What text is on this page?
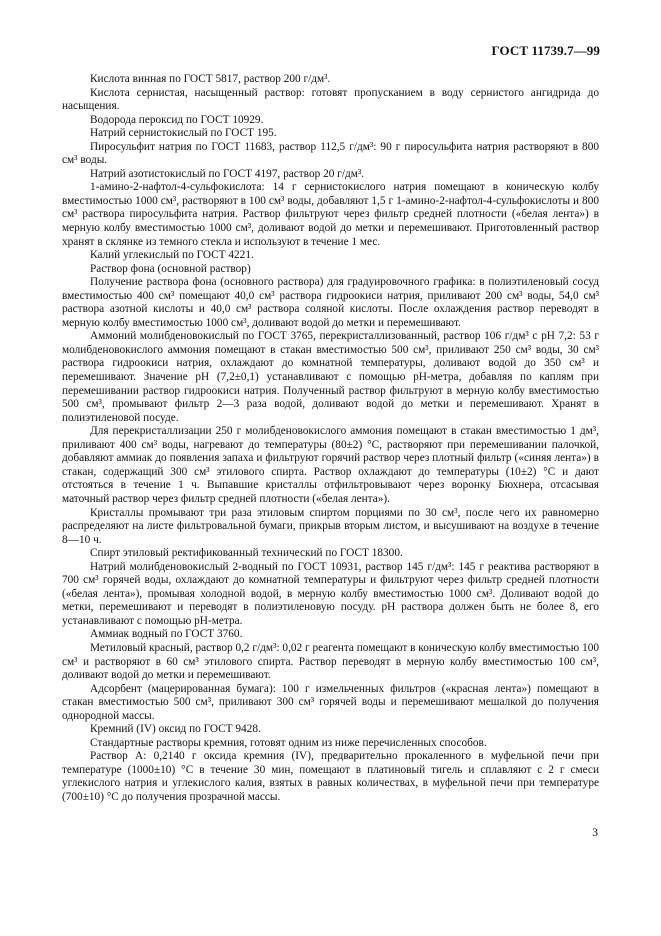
ГОСТ 11739.7—99

Кислота винная по ГОСТ 5817, раствор 200 г/дм³.

Кислота сернистая, насыщенный раствор: готовят пропусканием в воду сернистого ангидрида до насыщения.

Водорода пероксид по ГОСТ 10929.

Натрий сернистокислый по ГОСТ 195.

Пиросульфит натрия по ГОСТ 11683, раствор 112,5 г/дм³: 90 г пиросульфита натрия растворяют в 800 см³ воды.

Натрий азотистокислый по ГОСТ 4197, раствор 20 г/дм³.

1-амино-2-нафтол-4-сульфокислота: 14 г сернистокислого натрия помещают в коническую колбу вместимостью 1000 см³, растворяют в 100 см³ воды, добавляют 1,5 г 1-амино-2-нафтол-4-сульфокислоты и 800 см³ раствора пиросульфита натрия. Раствор фильтруют через фильтр средней плотности («белая лента») в мерную колбу вместимостью 1000 см³, доливают водой до метки и перемешивают. Приготовленный раствор хранят в склянке из темного стекла и используют в течение 1 мес.

Калий углекислый по ГОСТ 4221.

Раствор фона (основной раствор)

Получение раствора фона (основного раствора) для градуировочного графика: в полиэтиленовый сосуд вместимостью 400 см³ помещают 40,0 см³ раствора гидроокиси натрия, приливают 200 см³ воды, 54,0 см³ раствора азотной кислоты и 40,0 см³ раствора соляной кислоты. После охлаждения раствор переводят в мерную колбу вместимостью 1000 см³, доливают водой до метки и перемешивают.

Аммоний молибденовокислый по ГОСТ 3765, перекристаллизованный, раствор 106 г/дм³ с pH 7,2: 53 г молибденовокислого аммония помещают в стакан вместимостью 500 см³, приливают 250 см³ воды, 30 см³ раствора гидроокиси натрия, охлаждают до комнатной температуры, доливают водой до 350 см³ и перемешивают. Значение pH (7,2±0,1) устанавливают с помощью pH-метра, добавляя по каплям при перемешивании раствор гидроокиси натрия. Полученный раствор фильтруют в мерную колбу вместимостью 500 см³, промывают фильтр 2—3 раза водой, доливают водой до метки и перемешивают. Хранят в полиэтиленовой посуде.

Для перекристаллизации 250 г молибденовокислого аммония помещают в стакан вместимостью 1 дм³, приливают 400 см³ воды, нагревают до температуры (80±2) °C, растворяют при перемешивании палочкой, добавляют аммиак до появления запаха и фильтруют горячий раствор через плотный фильтр («синяя лента») в стакан, содержащий 300 см³ этилового спирта. Раствор охлаждают до температуры (10±2) °C и дают отстояться в течение 1 ч. Выпавшие кристаллы отфильтровывают через воронку Бюхнера, отсасывая маточный раствор через фильтр средней плотности («белая лента»).

Кристаллы промывают три раза этиловым спиртом порциями по 30 см³, после чего их равномерно распределяют на листе фильтровальной бумаги, прикрыв вторым листом, и высушивают на воздухе в течение 8—10 ч.

Спирт этиловый ректификованный технический по ГОСТ 18300.

Натрий молибденовокислый 2-водный по ГОСТ 10931, раствор 145 г/дм³: 145 г реактива растворяют в 700 см³ горячей воды, охлаждают до комнатной температуры и фильтруют через фильтр средней плотности («белая лента»), промывая холодной водой, в мерную колбу вместимостью 1000 см³. Доливают водой до метки, перемешивают и переводят в полиэтиленовую посуду. pH раствора должен быть не более 8, его устанавливают с помощью pH-метра.

Аммиак водный по ГОСТ 3760.

Метиловый красный, раствор 0,2 г/дм³: 0,02 г реагента помещают в коническую колбу вместимостью 100 см³ и растворяют в 60 см³ этилового спирта. Раствор переводят в мерную колбу вместимостью 100 см³, доливают водой до метки и перемешивают.

Адсорбент (мацерированная бумага): 100 г измельченных фильтров («красная лента») помещают в стакан вместимостью 500 см³, приливают 300 см³ горячей воды и перемешивают мешалкой до получения однородной массы.

Кремний (IV) оксид по ГОСТ 9428.

Стандартные растворы кремния, готовят одним из ниже перечисленных способов.

Раствор А: 0,2140 г оксида кремния (IV), предварительно прокаленного в муфельной печи при температуре (1000±10) °C в течение 30 мин, помещают в платиновый тигель и сплавляют с 2 г смеси углекислого натрия и углекислого калия, взятых в равных количествах, в муфельной печи при температуре (700±10) °C до получения прозрачной массы.

3
